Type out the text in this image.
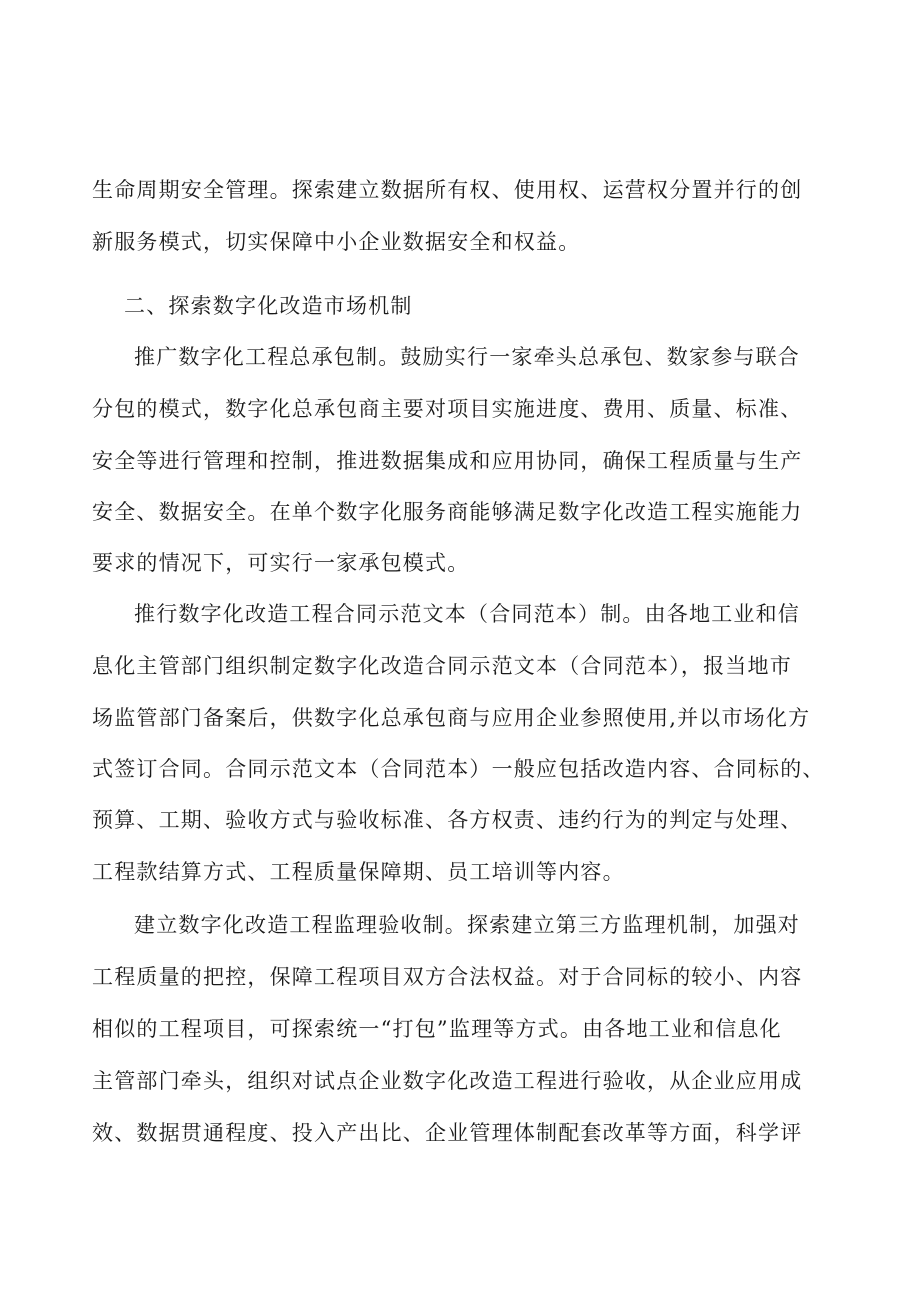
生命周期安全管理。探索建立数据所有权、使用权、运营权分置并行的创
新服务模式，切实保障中小企业数据安全和权益。
二、探索数字化改造市场机制
推广数字化工程总承包制。鼓励实行一家牵头总承包、数家参与联合
分包的模式，数字化总承包商主要对项目实施进度、费用、质量、标准、
安全等进行管理和控制，推进数据集成和应用协同，确保工程质量与生产
安全、数据安全。在单个数字化服务商能够满足数字化改造工程实施能力
要求的情况下，可实行一家承包模式。
推行数字化改造工程合同示范文本（合同范本）制。由各地工业和信
息化主管部门组织制定数字化改造合同示范文本（合同范本），报当地市
场监管部门备案后，供数字化总承包商与应用企业参照使用,并以市场化方
式签订合同。合同示范文本（合同范本）一般应包括改造内容、合同标的、
预算、工期、验收方式与验收标准、各方权责、违约行为的判定与处理、
工程款结算方式、工程质量保障期、员工培训等内容。
建立数字化改造工程监理验收制。探索建立第三方监理机制，加强对
工程质量的把控，保障工程项目双方合法权益。对于合同标的较小、内容
相似的工程项目，可探索统一“打包”监理等方式。由各地工业和信息化
主管部门牵头，组织对试点企业数字化改造工程进行验收，从企业应用成
效、数据贯通程度、投入产出比、企业管理体制配套改革等方面，科学评
